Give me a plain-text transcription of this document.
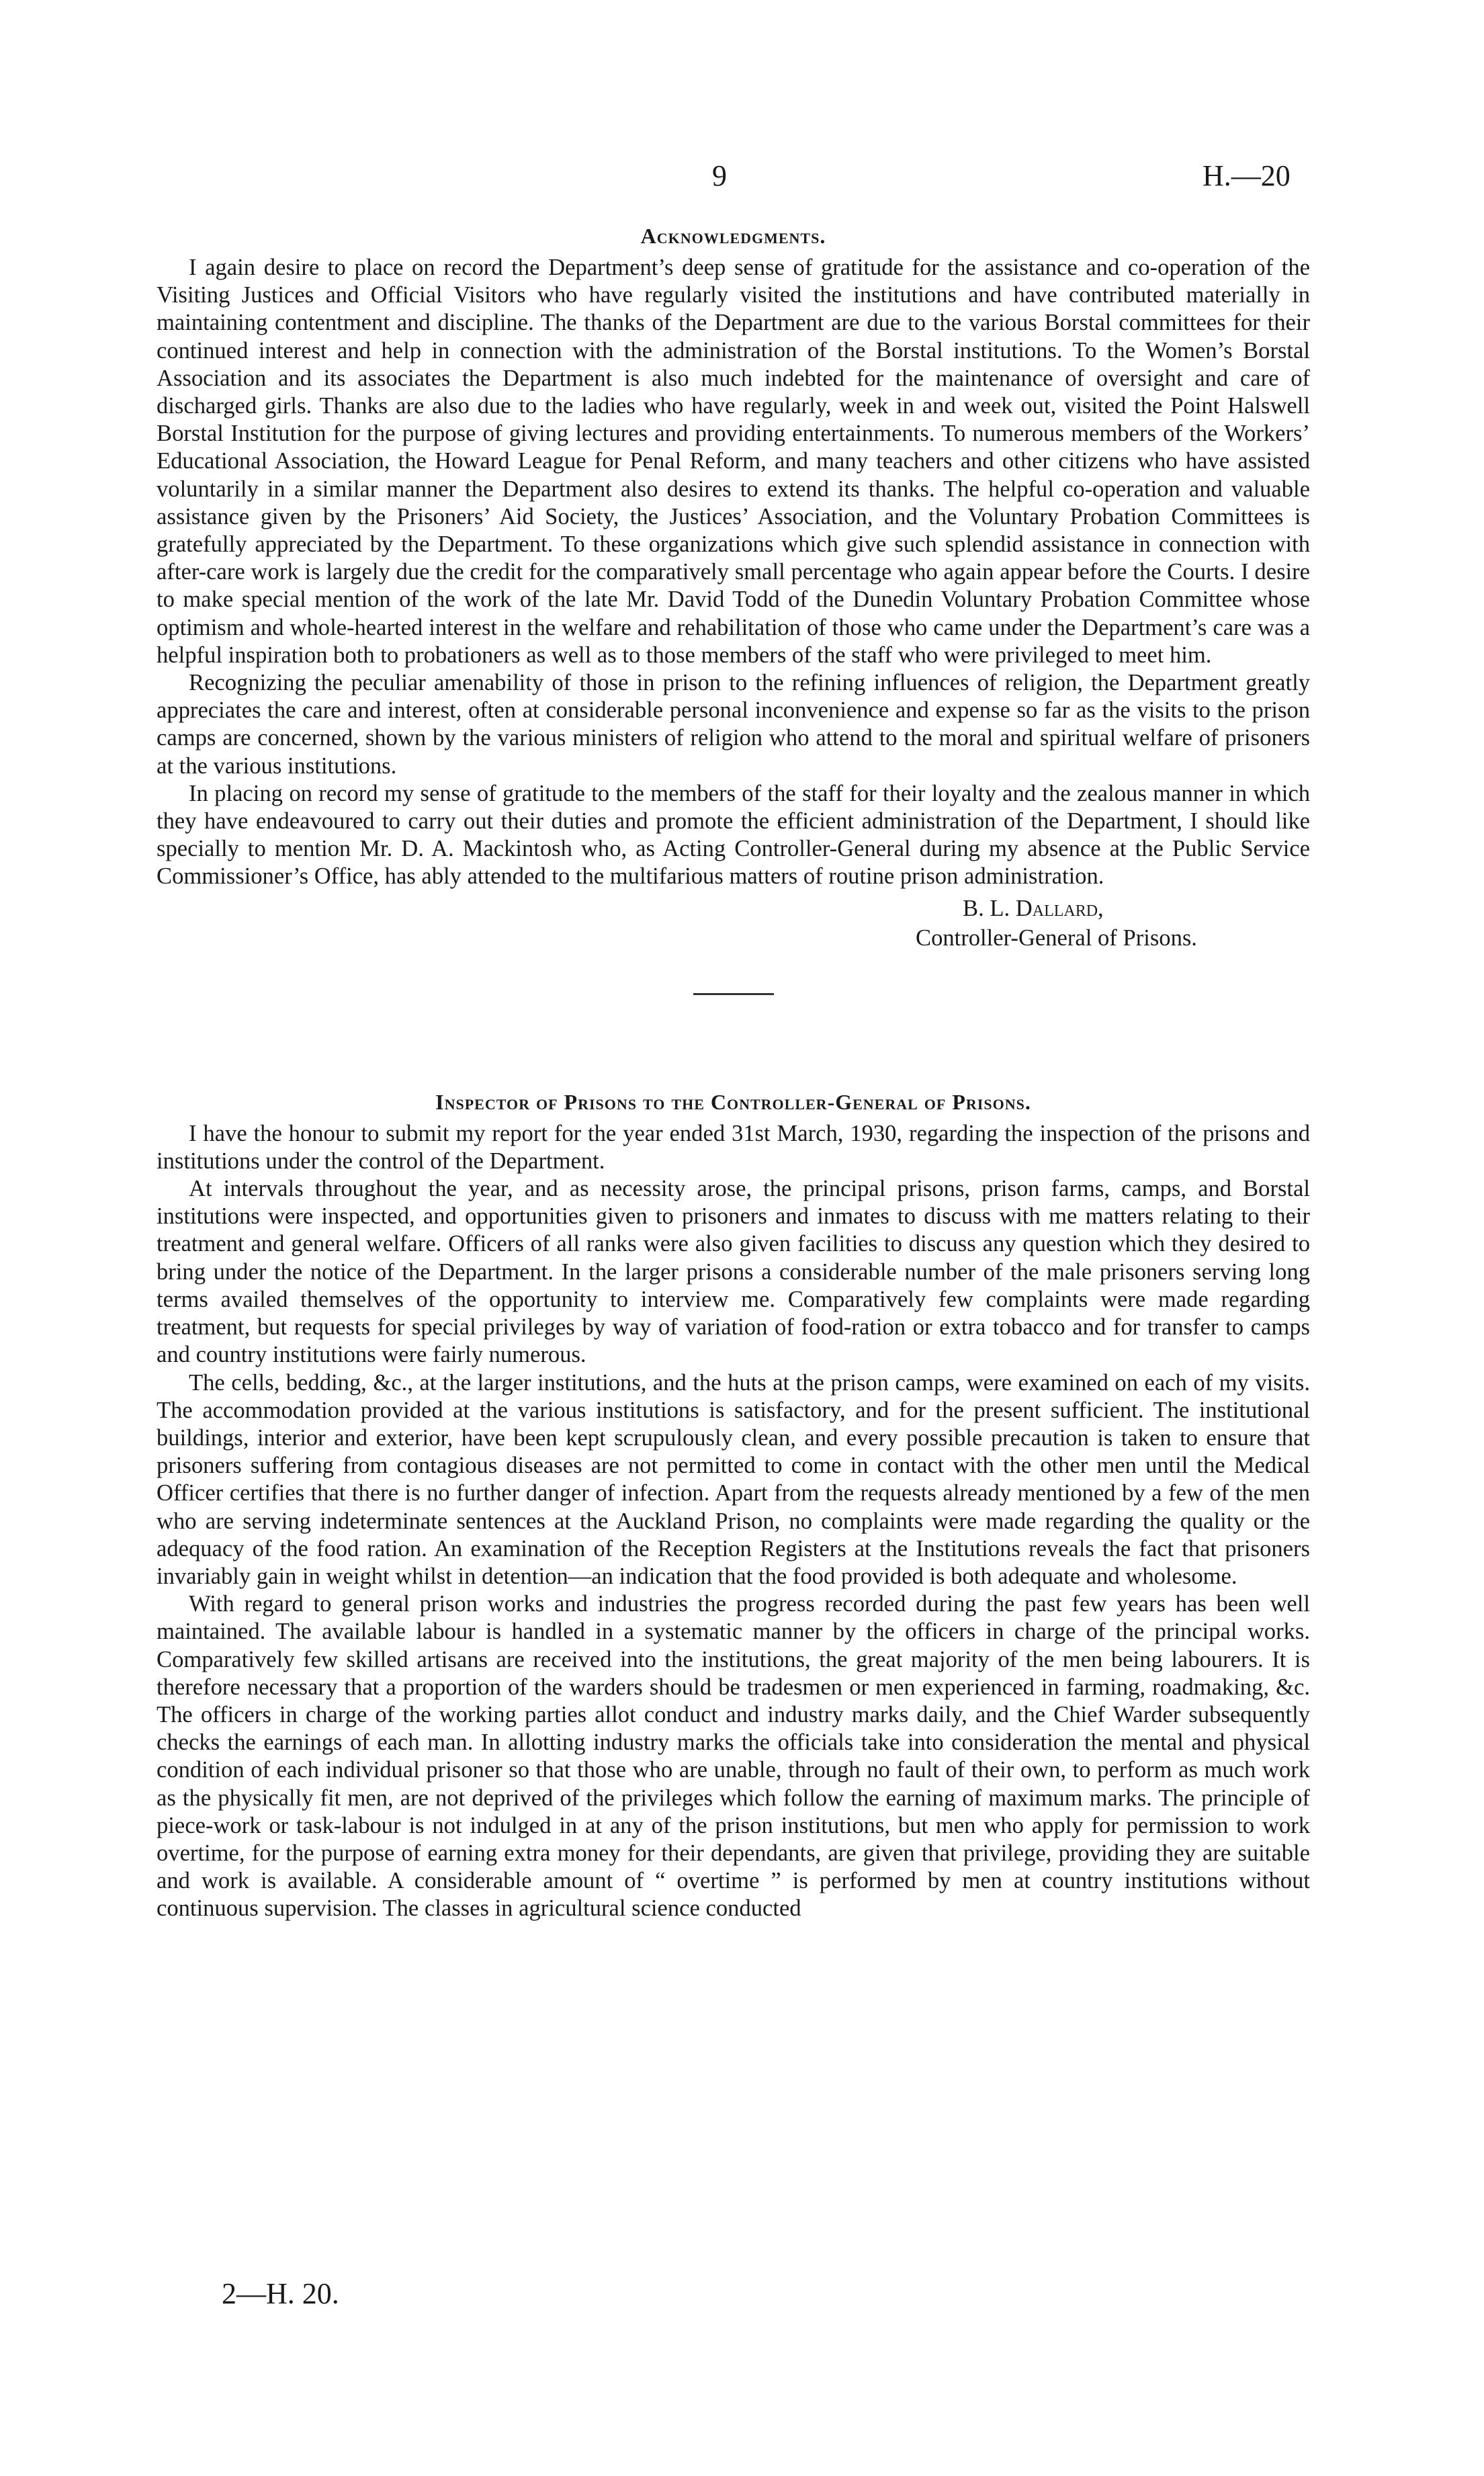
9	H.—20
Acknowledgments.

I again desire to place on record the Department’s deep sense of gratitude for the assistance and co-operation of the Visiting Justices and Official Visitors who have regularly visited the institutions and have contributed materially in maintaining contentment and discipline. The thanks of the Department are due to the various Borstal committees for their continued interest and help in connection with the administration of the Borstal institutions. To the Women’s Borstal Association and its associates the Department is also much indebted for the maintenance of oversight and care of discharged girls. Thanks are also due to the ladies who have regularly, week in and week out, visited the Point Halswell Borstal Institution for the purpose of giving lectures and providing entertainments. To numerous members of the Workers’ Educational Association, the Howard League for Penal Reform, and many teachers and other citizens who have assisted voluntarily in a similar manner the Department also desires to extend its thanks. The helpful co-operation and valuable assistance given by the Prisoners’ Aid Society, the Justices’ Association, and the Voluntary Probation Committees is gratefully appreciated by the Department. To these organizations which give such splendid assistance in connection with after-care work is largely due the credit for the comparatively small percentage who again appear before the Courts. I desire to make special mention of the work of the late Mr. David Todd of the Dunedin Voluntary Probation Committee whose optimism and whole-hearted interest in the welfare and rehabilitation of those who came under the Department’s care was a helpful inspiration both to probationers as well as to those members of the staff who were privileged to meet him.

Recognizing the peculiar amenability of those in prison to the refining influences of religion, the Department greatly appreciates the care and interest, often at considerable personal inconvenience and expense so far as the visits to the prison camps are concerned, shown by the various ministers of religion who attend to the moral and spiritual welfare of prisoners at the various institutions.

In placing on record my sense of gratitude to the members of the staff for their loyalty and the zealous manner in which they have endeavoured to carry out their duties and promote the efficient administration of the Department, I should like specially to mention Mr. D. A. Mackintosh who, as Acting Controller-General during my absence at the Public Service Commissioner’s Office, has ably attended to the multifarious matters of routine prison administration.

B. L. Dallard,
Controller-General of Prisons.
Inspector of Prisons to the Controller-General of Prisons.

I have the honour to submit my report for the year ended 31st March, 1930, regarding the inspection of the prisons and institutions under the control of the Department.

At intervals throughout the year, and as necessity arose, the principal prisons, prison farms, camps, and Borstal institutions were inspected, and opportunities given to prisoners and inmates to discuss with me matters relating to their treatment and general welfare. Officers of all ranks were also given facilities to discuss any question which they desired to bring under the notice of the Department. In the larger prisons a considerable number of the male prisoners serving long terms availed themselves of the opportunity to interview me. Comparatively few complaints were made regarding treatment, but requests for special privileges by way of variation of food-ration or extra tobacco and for transfer to camps and country institutions were fairly numerous.

The cells, bedding, &c., at the larger institutions, and the huts at the prison camps, were examined on each of my visits. The accommodation provided at the various institutions is satisfactory, and for the present sufficient. The institutional buildings, interior and exterior, have been kept scrupulously clean, and every possible precaution is taken to ensure that prisoners suffering from contagious diseases are not permitted to come in contact with the other men until the Medical Officer certifies that there is no further danger of infection. Apart from the requests already mentioned by a few of the men who are serving indeterminate sentences at the Auckland Prison, no complaints were made regarding the quality or the adequacy of the food ration. An examination of the Reception Registers at the Institutions reveals the fact that prisoners invariably gain in weight whilst in detention—an indication that the food provided is both adequate and wholesome.

With regard to general prison works and industries the progress recorded during the past few years has been well maintained. The available labour is handled in a systematic manner by the officers in charge of the principal works. Comparatively few skilled artisans are received into the institutions, the great majority of the men being labourers. It is therefore necessary that a proportion of the warders should be tradesmen or men experienced in farming, roadmaking, &c. The officers in charge of the working parties allot conduct and industry marks daily, and the Chief Warder subsequently checks the earnings of each man. In allotting industry marks the officials take into consideration the mental and physical condition of each individual prisoner so that those who are unable, through no fault of their own, to perform as much work as the physically fit men, are not deprived of the privileges which follow the earning of maximum marks. The principle of piece-work or task-labour is not indulged in at any of the prison institutions, but men who apply for permission to work overtime, for the purpose of earning extra money for their dependants, are given that privilege, providing they are suitable and work is available. A considerable amount of “ overtime ” is performed by men at country institutions without continuous supervision. The classes in agricultural science conducted

2—H. 20.
